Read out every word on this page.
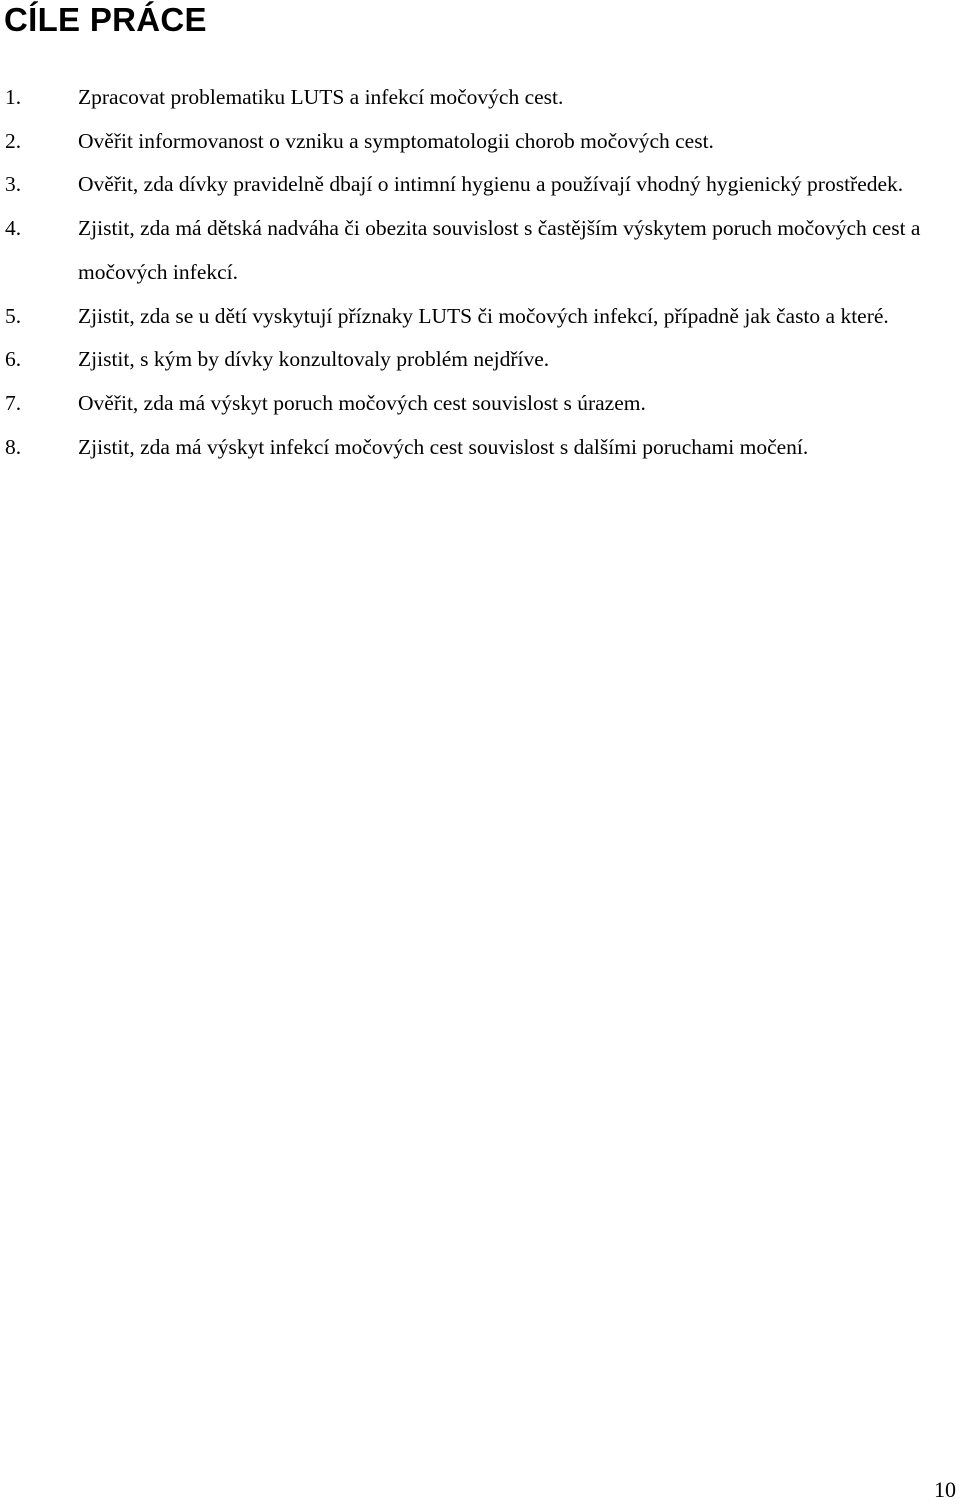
CÍLE PRÁCE
1.	Zpracovat problematiku LUTS a infekcí močových cest.
2.	Ověřit informovanost o vzniku a symptomatologii chorob močových cest.
3.	Ověřit, zda dívky pravidelně dbají o intimní hygienu a používají vhodný hygienický prostředek.
4.	Zjistit, zda má dětská nadváha či obezita souvislost s častějším výskytem poruch močových cest a močových infekcí.
5.	Zjistit, zda se u dětí vyskytují příznaky LUTS či močových infekcí, případně jak často a které.
6.	Zjistit, s kým by dívky konzultovaly problém nejdříve.
7.	Ověřit, zda má výskyt poruch močových cest souvislost s úrazem.
8.	Zjistit, zda má výskyt infekcí močových cest souvislost s dalšími poruchami močení.
10
